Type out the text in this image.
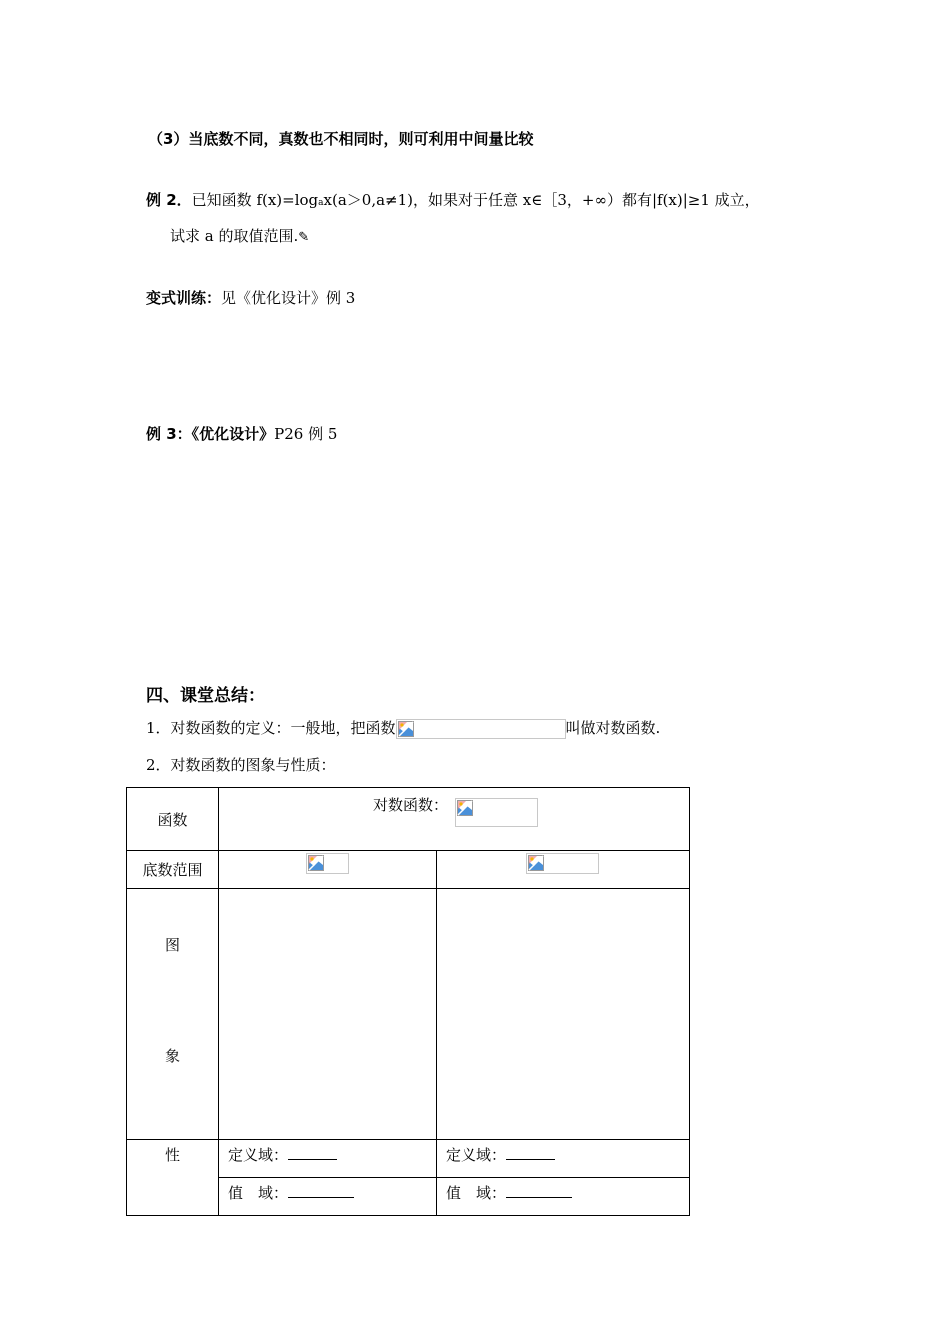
（3）当底数不同，真数也不相同时，则可利用中间量比较
例 2．已知函数 f(x)=logax(a＞0,a≠1)，如果对于任意 x∈［3，+∞）都有|f(x)|≥1 成立，
试求 a 的取值范围.✎
变式训练：见《优化设计》例 3
例 3：《优化设计》P26 例 5
四、课堂总结：
1．对数函数的定义：一般地，把函数	叫做对数函数.
2．对数函数的图象与性质：
函数	对数函数：	

底数范围	

图
象		

性	定义域：	定义域：
	值　域：	值　域：
